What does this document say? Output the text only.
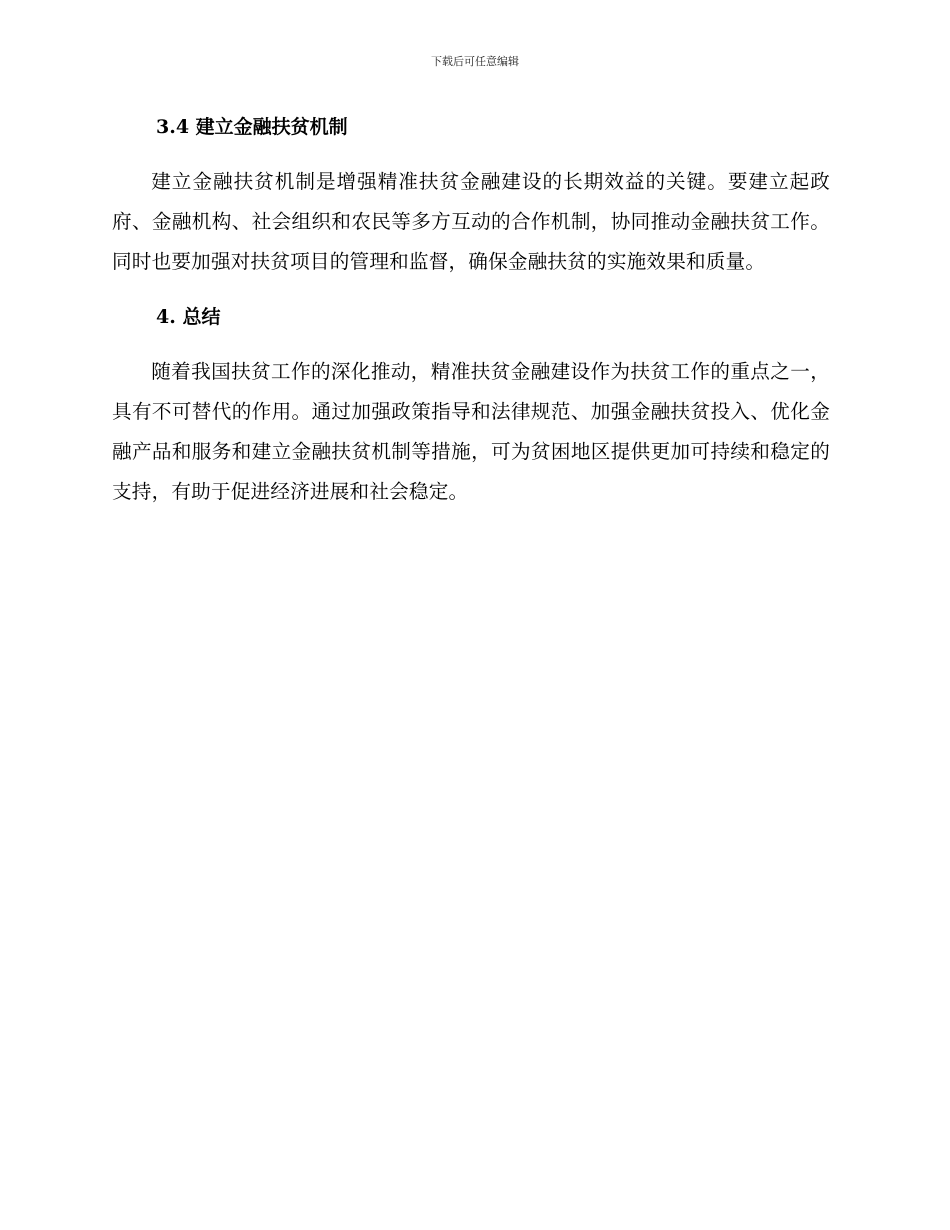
下载后可任意编辑
3.4 建立金融扶贫机制

建立金融扶贫机制是增强精准扶贫金融建设的长期效益的关键。要建立起政府、金融机构、社会组织和农民等多方互动的合作机制，协同推动金融扶贫工作。同时也要加强对扶贫项目的管理和监督，确保金融扶贫的实施效果和质量。

4. 总结

随着我国扶贫工作的深化推动，精准扶贫金融建设作为扶贫工作的重点之一，具有不可替代的作用。通过加强政策指导和法律规范、加强金融扶贫投入、优化金融产品和服务和建立金融扶贫机制等措施，可为贫困地区提供更加可持续和稳定的支持，有助于促进经济进展和社会稳定。
